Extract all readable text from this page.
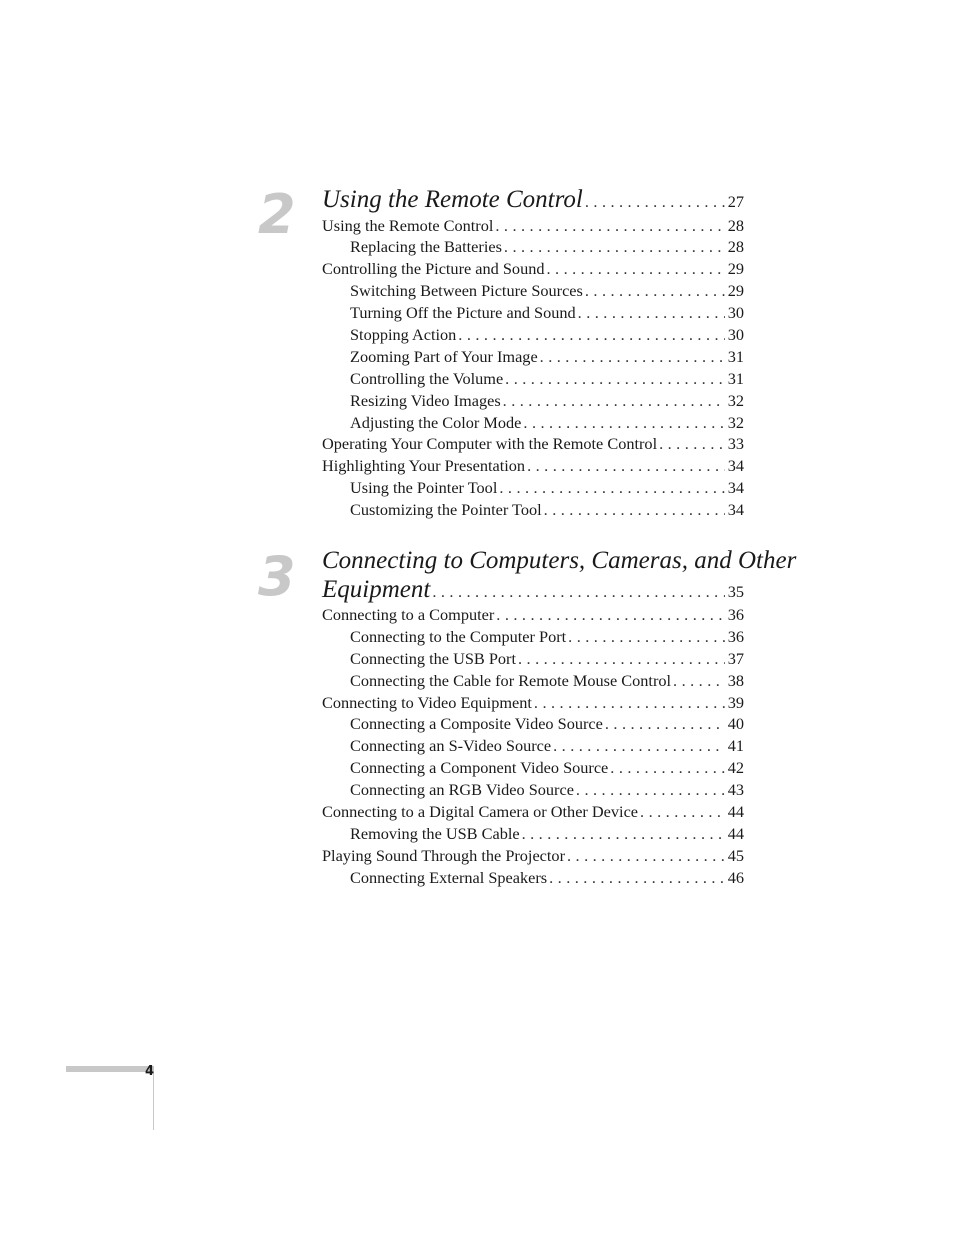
2 Using the Remote Control . . .	27
Using the Remote Control . . .	28
Replacing the Batteries . . .	28
Controlling the Picture and Sound . . .	29
Switching Between Picture Sources . . .	29
Turning Off the Picture and Sound . . .	30
Stopping Action . . .	30
Zooming Part of Your Image . . .	31
Controlling the Volume . . .	31
Resizing Video Images . . .	32
Adjusting the Color Mode . . .	32
Operating Your Computer with the Remote Control . . .	33
Highlighting Your Presentation . . .	34
Using the Pointer Tool . . .	34
Customizing the Pointer Tool . . .	34
3 Connecting to Computers, Cameras, and Other
Equipment . . .	35
Connecting to a Computer . . .	36
Connecting to the Computer Port . . .	36
Connecting the USB Port . . .	37
Connecting the Cable for Remote Mouse Control . . .	38
Connecting to Video Equipment . . .	39
Connecting a Composite Video Source . . .	40
Connecting an S-Video Source . . .	41
Connecting a Component Video Source . . .	42
Connecting an RGB Video Source . . .	43
Connecting to a Digital Camera or Other Device . . .	44
Removing the USB Cable . . .	44
Playing Sound Through the Projector . . .	45
Connecting External Speakers . . .	46
4
